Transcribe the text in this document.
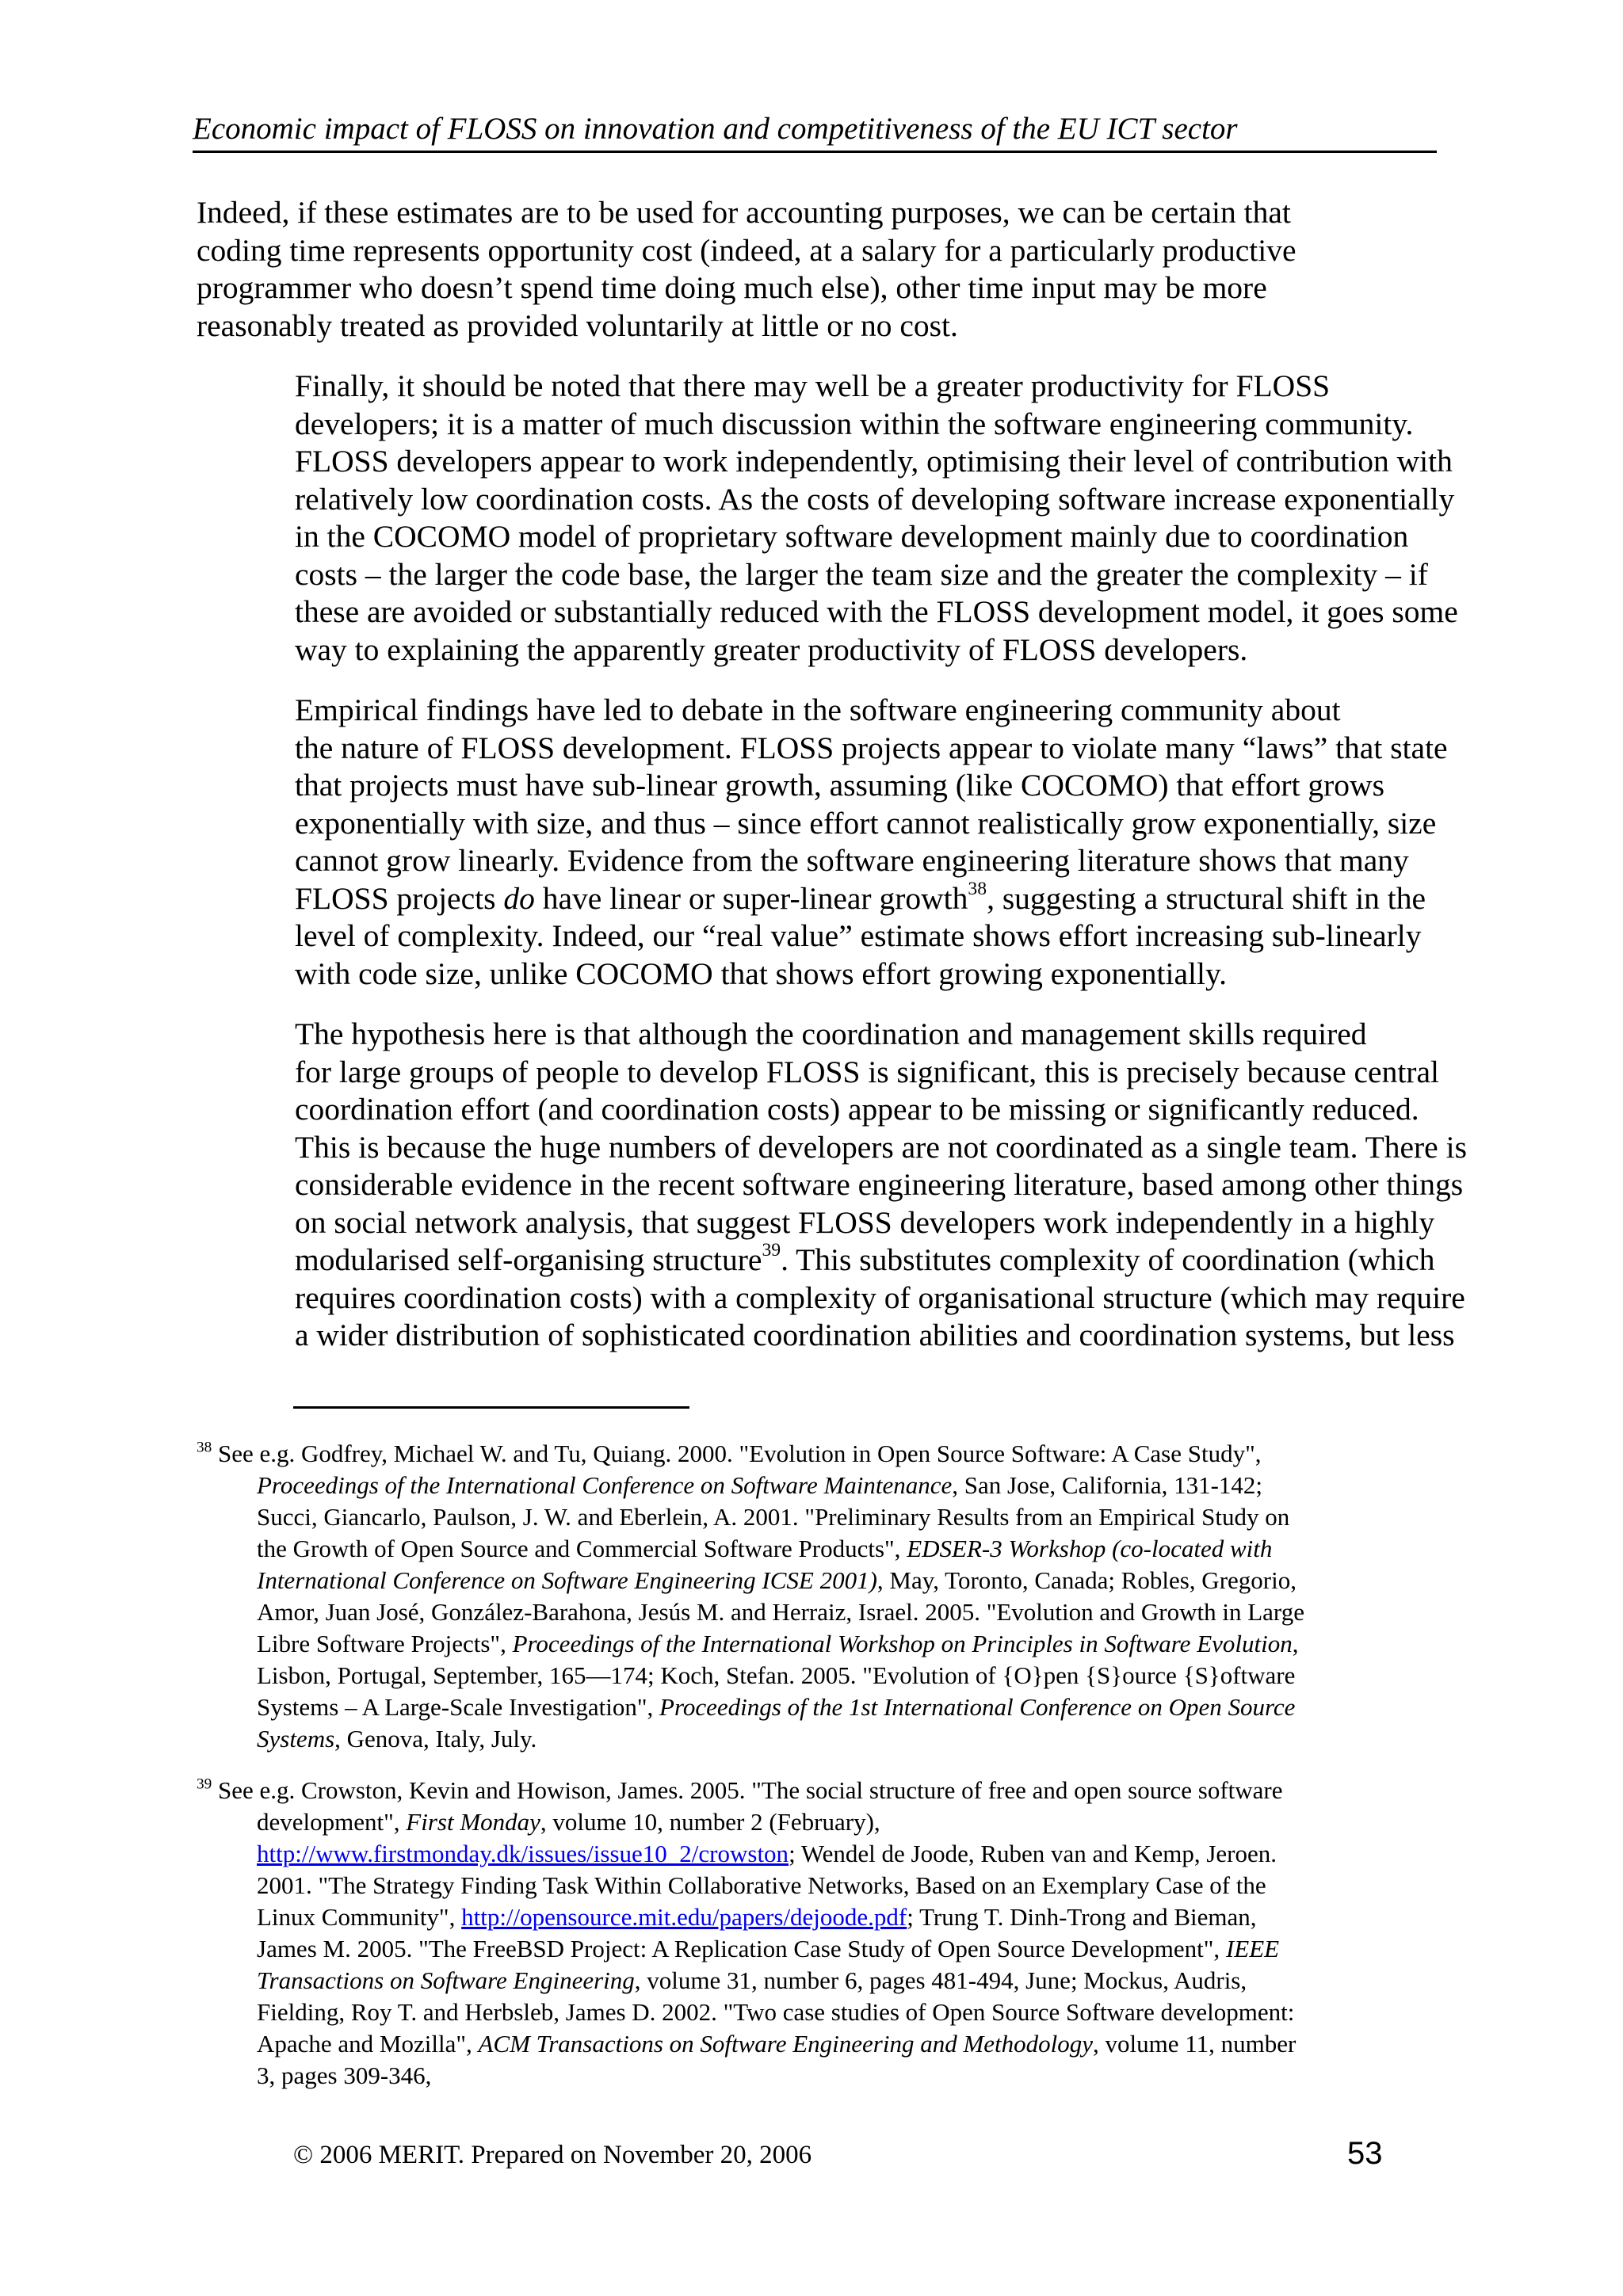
Economic impact of FLOSS on innovation and competitiveness of the EU ICT sector

Indeed, if these estimates are to be used for accounting purposes, we can be certain that
coding time represents opportunity cost (indeed, at a salary for a particularly productive
programmer who doesn’t spend time doing much else), other time input may be more
reasonably treated as provided voluntarily at little or no cost.

Finally, it should be noted that there may well be a greater productivity for FLOSS
developers; it is a matter of much discussion within the software engineering community.
FLOSS developers appear to work independently, optimising their level of contribution with
relatively low coordination costs. As the costs of developing software increase exponentially
in the COCOMO model of proprietary software development mainly due to coordination
costs – the larger the code base, the larger the team size and the greater the complexity – if
these are avoided or substantially reduced with the FLOSS development model, it goes some
way to explaining the apparently greater productivity of FLOSS developers.

Empirical findings have led to debate in the software engineering community about
the nature of FLOSS development. FLOSS projects appear to violate many “laws” that state
that projects must have sub-linear growth, assuming (like COCOMO) that effort grows
exponentially with size, and thus – since effort cannot realistically grow exponentially, size
cannot grow linearly. Evidence from the software engineering literature shows that many
FLOSS projects do have linear or super-linear growth$^{38}$, suggesting a structural shift in the
level of complexity. Indeed, our “real value” estimate shows effort increasing sub-linearly
with code size, unlike COCOMO that shows effort growing exponentially.

The hypothesis here is that although the coordination and management skills required
for large groups of people to develop FLOSS is significant, this is precisely because central
coordination effort (and coordination costs) appear to be missing or significantly reduced.
This is because the huge numbers of developers are not coordinated as a single team. There is
considerable evidence in the recent software engineering literature, based among other things
on social network analysis, that suggest FLOSS developers work independently in a highly
modularised self-organising structure$^{39}$. This substitutes complexity of coordination (which
requires coordination costs) with a complexity of organisational structure (which may require
a wider distribution of sophisticated coordination abilities and coordination systems, but less

$^{38}$ See e.g. Godfrey, Michael W. and Tu, Quiang. 2000. "Evolution in Open Source Software: A Case Study",
Proceedings of the International Conference on Software Maintenance, San Jose, California, 131-142;
Succi, Giancarlo, Paulson, J. W. and Eberlein, A. 2001. "Preliminary Results from an Empirical Study on
the Growth of Open Source and Commercial Software Products", EDSER-3 Workshop (co-located with
International Conference on Software Engineering ICSE 2001), May, Toronto, Canada; Robles, Gregorio,
Amor, Juan José, González-Barahona, Jesús M. and Herraiz, Israel. 2005. "Evolution and Growth in Large
Libre Software Projects", Proceedings of the International Workshop on Principles in Software Evolution,
Lisbon, Portugal, September, 165—174; Koch, Stefan. 2005. "Evolution of {O}pen {S}ource {S}oftware
Systems – A Large-Scale Investigation", Proceedings of the 1st International Conference on Open Source
Systems, Genova, Italy, July.
$^{39}$ See e.g. Crowston, Kevin and Howison, James. 2005. "The social structure of free and open source software
development", First Monday, volume 10, number 2 (February),
http://www.firstmonday.dk/issues/issue10_2/crowston; Wendel de Joode, Ruben van and Kemp, Jeroen.
2001. "The Strategy Finding Task Within Collaborative Networks, Based on an Exemplary Case of the
Linux Community", http://opensource.mit.edu/papers/dejoode.pdf; Trung T. Dinh-Trong and Bieman,
James M. 2005. "The FreeBSD Project: A Replication Case Study of Open Source Development", IEEE
Transactions on Software Engineering, volume 31, number 6, pages 481-494, June; Mockus, Audris,
Fielding, Roy T. and Herbsleb, James D. 2002. "Two case studies of Open Source Software development:
Apache and Mozilla", ACM Transactions on Software Engineering and Methodology, volume 11, number
3, pages 309-346,
© 2006 MERIT. Prepared on November 20, 2006	53
